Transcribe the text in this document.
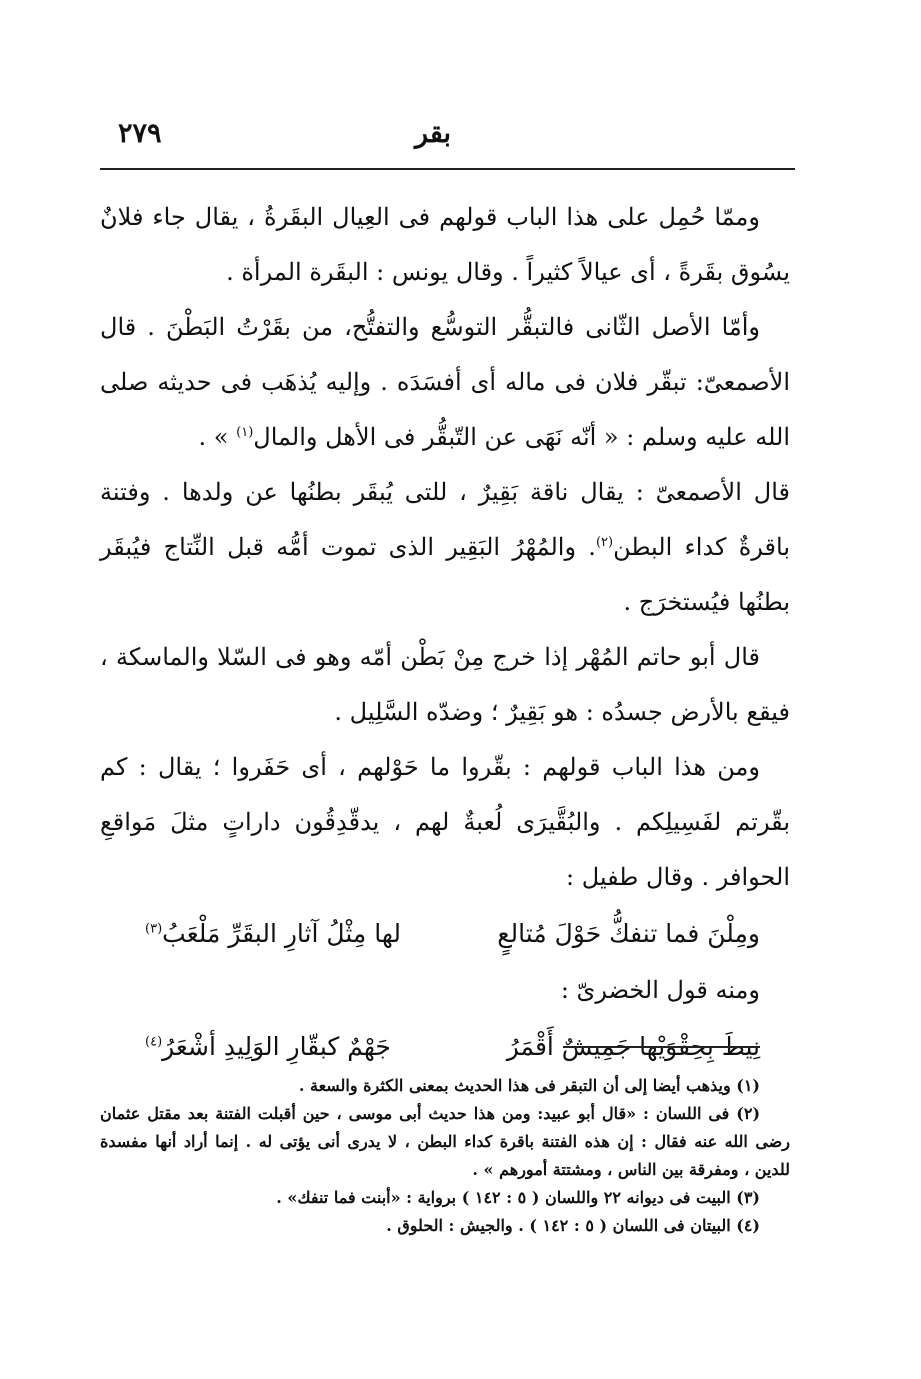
٢٧٩	بقر

وممّا حُمِل على هذا الباب قولهم فى العِيال البقَرةُ ، يقال جاء فلانٌ يسُوق بقَرةً ، أى عيالاً كثيراً . وقال يونس : البقَرة المرأة .

وأمّا الأصل الثّانى فالتبقُّر التوسُّع والتفتُّح، من بقَرْتُ البَطْنَ . قال الأصمعىّ: تبقّر فلان فى ماله أى أفسَدَه . وإليه يُذهَب فى حديثه صلى الله عليه وسلم : « أنّه نَهَى عن التّبقُّر فى الأهل والمال$^{(١)}$ » .

قال الأصمعىّ : يقال ناقة بَقِيرٌ ، للتى يُبقَر بطنُها عن ولدها . وفتنة باقرةٌ كداء البطن$^{(٢)}$. والمُهْرُ البَقِير الذى تموت أمُّه قبل النِّتاج فيُبقَر بطنُها فيُستخرَج .

قال أبو حاتم المُهْر إذا خرج مِنْ بَطْن أمّه وهو فى السّلا والماسكة ، فيقع بالأرض جسدُه : هو بَقِيرٌ ؛ وضدّه السَّلِيل .

ومن هذا الباب قولهم : بقّروا ما حَوْلهم ، أى حَفَروا ؛ يقال : كم بقّرتم لفَسِيلِكم . والبُقَّيرَى لُعبةٌ لهم ، يدقّدِقُون داراتٍ مثلَ مَواقعِ الحوافر . وقال طفيل :

ومِلْنَ فما تنفكُّ حَوْلَ مُتالعٍ
لها مِثْلُ آثارِ البقَرِّ مَلْعَبُ$^{(٣)}$

ومنه قول الخضرىّ :

نِيطَ بِحِقْوَيْها جَمِيشٌ أَقْمَرُ
جَهْمٌ كبقّارِ الوَلِيدِ أشْعَرُ$^{(٤)}$

(١) ويذهب أيضا إلى أن التبقر فى هذا الحديث بمعنى الكثرة والسعة .

(٢) فى اللسان : «قال أبو عبيد: ومن هذا حديث أبى موسى ، حين أقبلت الفتنة بعد مقتل عثمان رضى الله عنه فقال : إن هذه الفتنة باقرة كداء البطن ، لا يدرى أنى يؤتى له . إنما أراد أنها مفسدة للدين ، ومفرقة بين الناس ، ومشتتة أمورهم » .

(٣) البيت فى ديوانه ٢٢ واللسان ( ٥ : ١٤٢ ) برواية : «أبنت فما تنفك» .

(٤) البيتان فى اللسان ( ٥ : ١٤٢ ) . والجيش : الحلوق .
